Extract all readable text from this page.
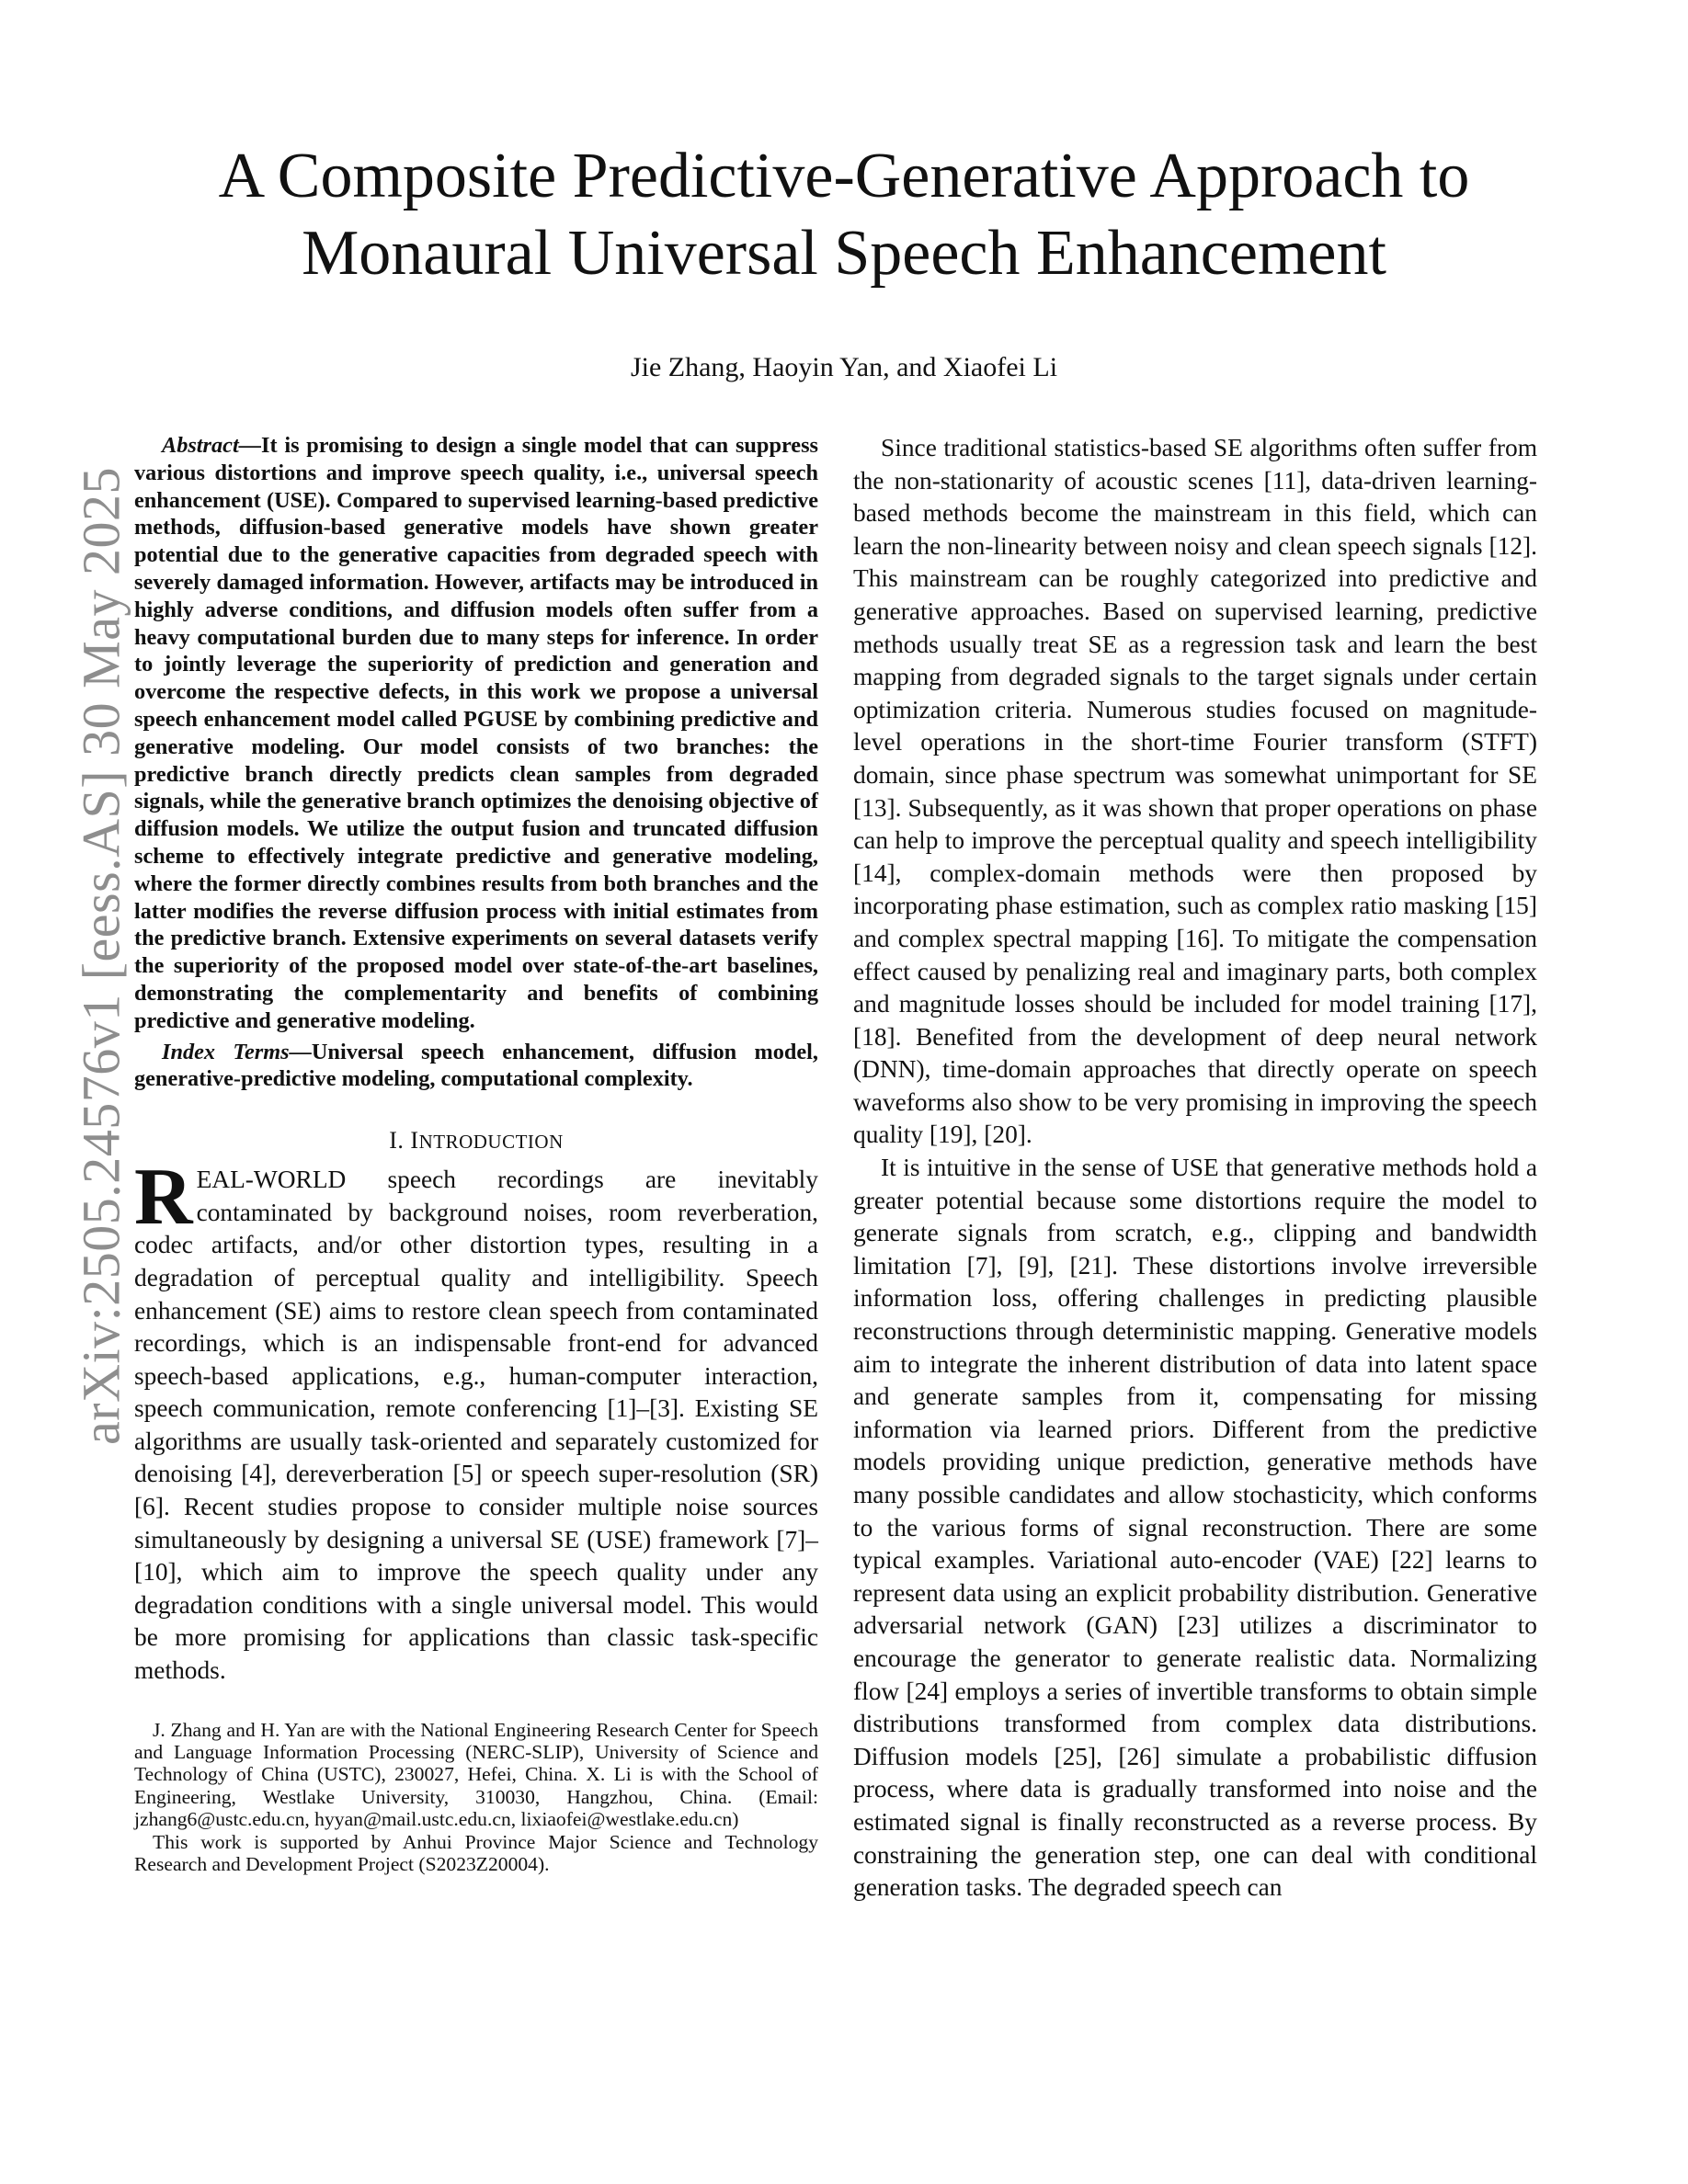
arXiv:2505.24576v1 [eess.AS] 30 May 2025
A Composite Predictive-Generative Approach to
Monaural Universal Speech Enhancement
Jie Zhang, Haoyin Yan, and Xiaofei Li

Abstract—It is promising to design a single model that can suppress various distortions and improve speech quality, i.e., universal speech enhancement (USE). Compared to supervised learning-based predictive methods, diffusion-based generative models have shown greater potential due to the generative capacities from degraded speech with severely damaged information. However, artifacts may be introduced in highly adverse conditions, and diffusion models often suffer from a heavy computational burden due to many steps for inference. In order to jointly leverage the superiority of prediction and generation and overcome the respective defects, in this work we propose a universal speech enhancement model called PGUSE by combining predictive and generative modeling. Our model consists of two branches: the predictive branch directly predicts clean samples from degraded signals, while the generative branch optimizes the denoising objective of diffusion models. We utilize the output fusion and truncated diffusion scheme to effectively integrate predictive and generative modeling, where the former directly combines results from both branches and the latter modifies the reverse diffusion process with initial estimates from the predictive branch. Extensive experiments on several datasets verify the superiority of the proposed model over state-of-the-art baselines, demonstrating the complementarity and benefits of combining predictive and generative modeling.

Index Terms—Universal speech enhancement, diffusion model, generative-predictive modeling, computational complexity.

I. INTRODUCTION

REAL-WORLD speech recordings are inevitably contaminated by background noises, room reverberation, codec artifacts, and/or other distortion types, resulting in a degradation of perceptual quality and intelligibility. Speech enhancement (SE) aims to restore clean speech from contaminated recordings, which is an indispensable front-end for advanced speech-based applications, e.g., human-computer interaction, speech communication, remote conferencing [1]–[3]. Existing SE algorithms are usually task-oriented and separately customized for denoising [4], dereverberation [5] or speech super-resolution (SR) [6]. Recent studies propose to consider multiple noise sources simultaneously by designing a universal SE (USE) framework [7]–[10], which aim to improve the speech quality under any degradation conditions with a single universal model. This would be more promising for applications than classic task-specific methods.

J. Zhang and H. Yan are with the National Engineering Research Center for Speech and Language Information Processing (NERC-SLIP), University of Science and Technology of China (USTC), 230027, Hefei, China. X. Li is with the School of Engineering, Westlake University, 310030, Hangzhou, China. (Email: jzhang6@ustc.edu.cn, hyyan@mail.ustc.edu.cn, lixiaofei@westlake.edu.cn)

This work is supported by Anhui Province Major Science and Technology Research and Development Project (S2023Z20004).

Since traditional statistics-based SE algorithms often suffer from the non-stationarity of acoustic scenes [11], data-driven learning-based methods become the mainstream in this field, which can learn the non-linearity between noisy and clean speech signals [12]. This mainstream can be roughly categorized into predictive and generative approaches. Based on supervised learning, predictive methods usually treat SE as a regression task and learn the best mapping from degraded signals to the target signals under certain optimization criteria. Numerous studies focused on magnitude-level operations in the short-time Fourier transform (STFT) domain, since phase spectrum was somewhat unimportant for SE [13]. Subsequently, as it was shown that proper operations on phase can help to improve the perceptual quality and speech intelligibility [14], complex-domain methods were then proposed by incorporating phase estimation, such as complex ratio masking [15] and complex spectral mapping [16]. To mitigate the compensation effect caused by penalizing real and imaginary parts, both complex and magnitude losses should be included for model training [17], [18]. Benefited from the development of deep neural network (DNN), time-domain approaches that directly operate on speech waveforms also show to be very promising in improving the speech quality [19], [20].

It is intuitive in the sense of USE that generative methods hold a greater potential because some distortions require the model to generate signals from scratch, e.g., clipping and bandwidth limitation [7], [9], [21]. These distortions involve irreversible information loss, offering challenges in predicting plausible reconstructions through deterministic mapping. Generative models aim to integrate the inherent distribution of data into latent space and generate samples from it, compensating for missing information via learned priors. Different from the predictive models providing unique prediction, generative methods have many possible candidates and allow stochasticity, which conforms to the various forms of signal reconstruction. There are some typical examples. Variational auto-encoder (VAE) [22] learns to represent data using an explicit probability distribution. Generative adversarial network (GAN) [23] utilizes a discriminator to encourage the generator to generate realistic data. Normalizing flow [24] employs a series of invertible transforms to obtain simple distributions transformed from complex data distributions. Diffusion models [25], [26] simulate a probabilistic diffusion process, where data is gradually transformed into noise and the estimated signal is finally reconstructed as a reverse process. By constraining the generation step, one can deal with conditional generation tasks. The degraded speech can
